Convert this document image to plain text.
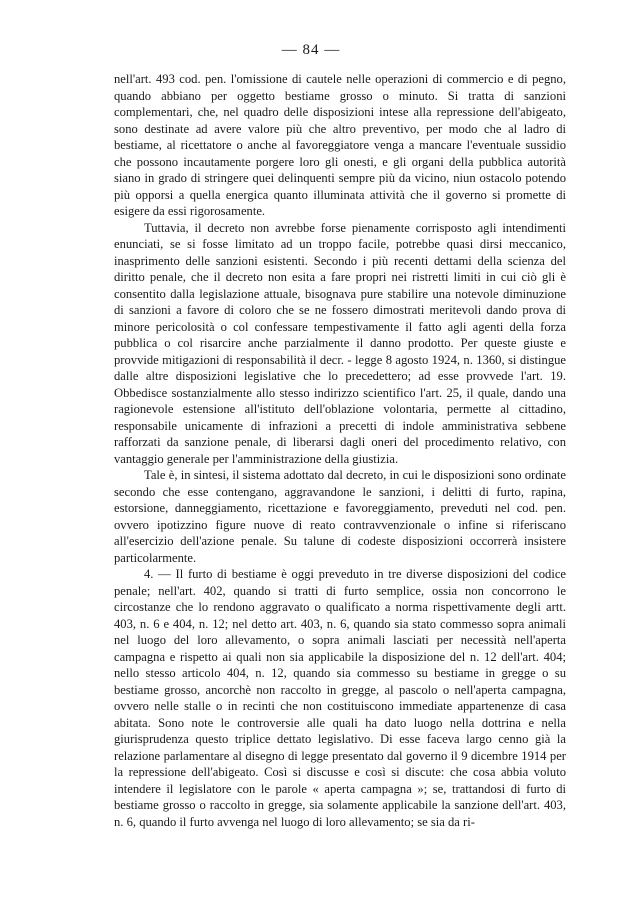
— 84 —

nell'art. 493 cod. pen. l'omissione di cautele nelle operazioni di commercio e di pegno, quando abbiano per oggetto bestiame grosso o minuto. Si tratta di sanzioni complementari, che, nel quadro delle disposizioni intese alla repressione dell'abigeato, sono destinate ad avere valore più che altro preventivo, per modo che al ladro di bestiame, al ricettatore o anche al favoreggiatore venga a mancare l'eventuale sussidio che possono incautamente porgere loro gli onesti, e gli organi della pubblica autorità siano in grado di stringere quei delinquenti sempre più da vicino, niun ostacolo potendo più opporsi a quella energica quanto illuminata attività che il governo si promette di esigere da essi rigorosamente.

Tuttavia, il decreto non avrebbe forse pienamente corrisposto agli intendimenti enunciati, se si fosse limitato ad un troppo facile, potrebbe quasi dirsi meccanico, inasprimento delle sanzioni esistenti. Secondo i più recenti dettami della scienza del diritto penale, che il decreto non esita a fare propri nei ristretti limiti in cui ciò gli è consentito dalla legislazione attuale, bisognava pure stabilire una notevole diminuzione di sanzioni a favore di coloro che se ne fossero dimostrati meritevoli dando prova di minore pericolosità o col confessare tempestivamente il fatto agli agenti della forza pubblica o col risarcire anche parzialmente il danno prodotto. Per queste giuste e provvide mitigazioni di responsabilità il decr. - legge 8 agosto 1924, n. 1360, si distingue dalle altre disposizioni legislative che lo precedettero; ad esse provvede l'art. 19. Obbedisce sostanzialmente allo stesso indirizzo scientifico l'art. 25, il quale, dando una ragionevole estensione all'istituto dell'oblazione volontaria, permette al cittadino, responsabile unicamente di infrazioni a precetti di indole amministrativa sebbene rafforzati da sanzione penale, di liberarsi dagli oneri del procedimento relativo, con vantaggio generale per l'amministrazione della giustizia.

Tale è, in sintesi, il sistema adottato dal decreto, in cui le disposizioni sono ordinate secondo che esse contengano, aggravandone le sanzioni, i delitti di furto, rapina, estorsione, danneggiamento, ricettazione e favoreggiamento, preveduti nel cod. pen. ovvero ipotizzino figure nuove di reato contravvenzionale o infine si riferiscano all'esercizio dell'azione penale. Su talune di codeste disposizioni occorrerà insistere particolarmente.

4. — Il furto di bestiame è oggi preveduto in tre diverse disposizioni del codice penale; nell'art. 402, quando si tratti di furto semplice, ossia non concorrono le circostanze che lo rendono aggravato o qualificato a norma rispettivamente degli artt. 403, n. 6 e 404, n. 12; nel detto art. 403, n. 6, quando sia stato commesso sopra animali nel luogo del loro allevamento, o sopra animali lasciati per necessità nell'aperta campagna e rispetto ai quali non sia applicabile la disposizione del n. 12 dell'art. 404; nello stesso articolo 404, n. 12, quando sia commesso su bestiame in gregge o su bestiame grosso, ancorchè non raccolto in gregge, al pascolo o nell'aperta campagna, ovvero nelle stalle o in recinti che non costituiscono immediate appartenenze di casa abitata. Sono note le controversie alle quali ha dato luogo nella dottrina e nella giurisprudenza questo triplice dettato legislativo. Di esse faceva largo cenno già la relazione parlamentare al disegno di legge presentato dal governo il 9 dicembre 1914 per la repressione dell'abigeato. Così si discusse e così si discute: che cosa abbia voluto intendere il legislatore con le parole « aperta campagna »; se, trattandosi di furto di bestiame grosso o raccolto in gregge, sia solamente applicabile la sanzione dell'art. 403, n. 6, quando il furto avvenga nel luogo di loro allevamento; se sia da ri-
